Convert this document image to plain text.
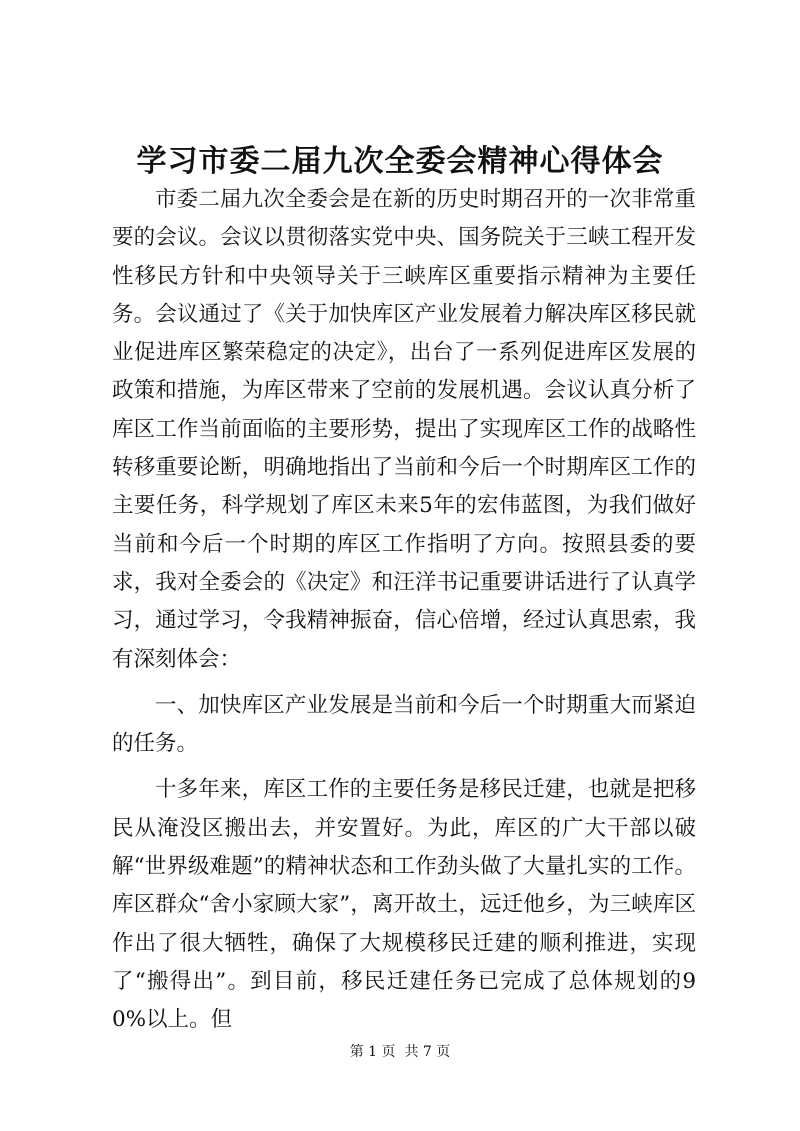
学习市委二届九次全委会精神心得体会

市委二届九次全委会是在新的历史时期召开的一次非常重要的会议。会议以贯彻落实党中央、国务院关于三峡工程开发性移民方针和中央领导关于三峡库区重要指示精神为主要任务。会议通过了《关于加快库区产业发展着力解决库区移民就业促进库区繁荣稳定的决定》，出台了一系列促进库区发展的政策和措施，为库区带来了空前的发展机遇。会议认真分析了库区工作当前面临的主要形势，提出了实现库区工作的战略性转移重要论断，明确地指出了当前和今后一个时期库区工作的主要任务，科学规划了库区未来5年的宏伟蓝图，为我们做好当前和今后一个时期的库区工作指明了方向。按照县委的要求，我对全委会的《决定》和汪洋书记重要讲话进行了认真学习，通过学习，令我精神振奋，信心倍增，经过认真思索，我有深刻体会：

一、加快库区产业发展是当前和今后一个时期重大而紧迫的任务。

十多年来，库区工作的主要任务是移民迁建，也就是把移民从淹没区搬出去，并安置好。为此，库区的广大干部以破解“世界级难题”的精神状态和工作劲头做了大量扎实的工作。库区群众“舍小家顾大家”，离开故土，远迁他乡，为三峡库区作出了很大牺牲，确保了大规模移民迁建的顺利推进，实现了“搬得出”。到目前，移民迁建任务已完成了总体规划的90%以上。但

第 1 页  共 7 页
